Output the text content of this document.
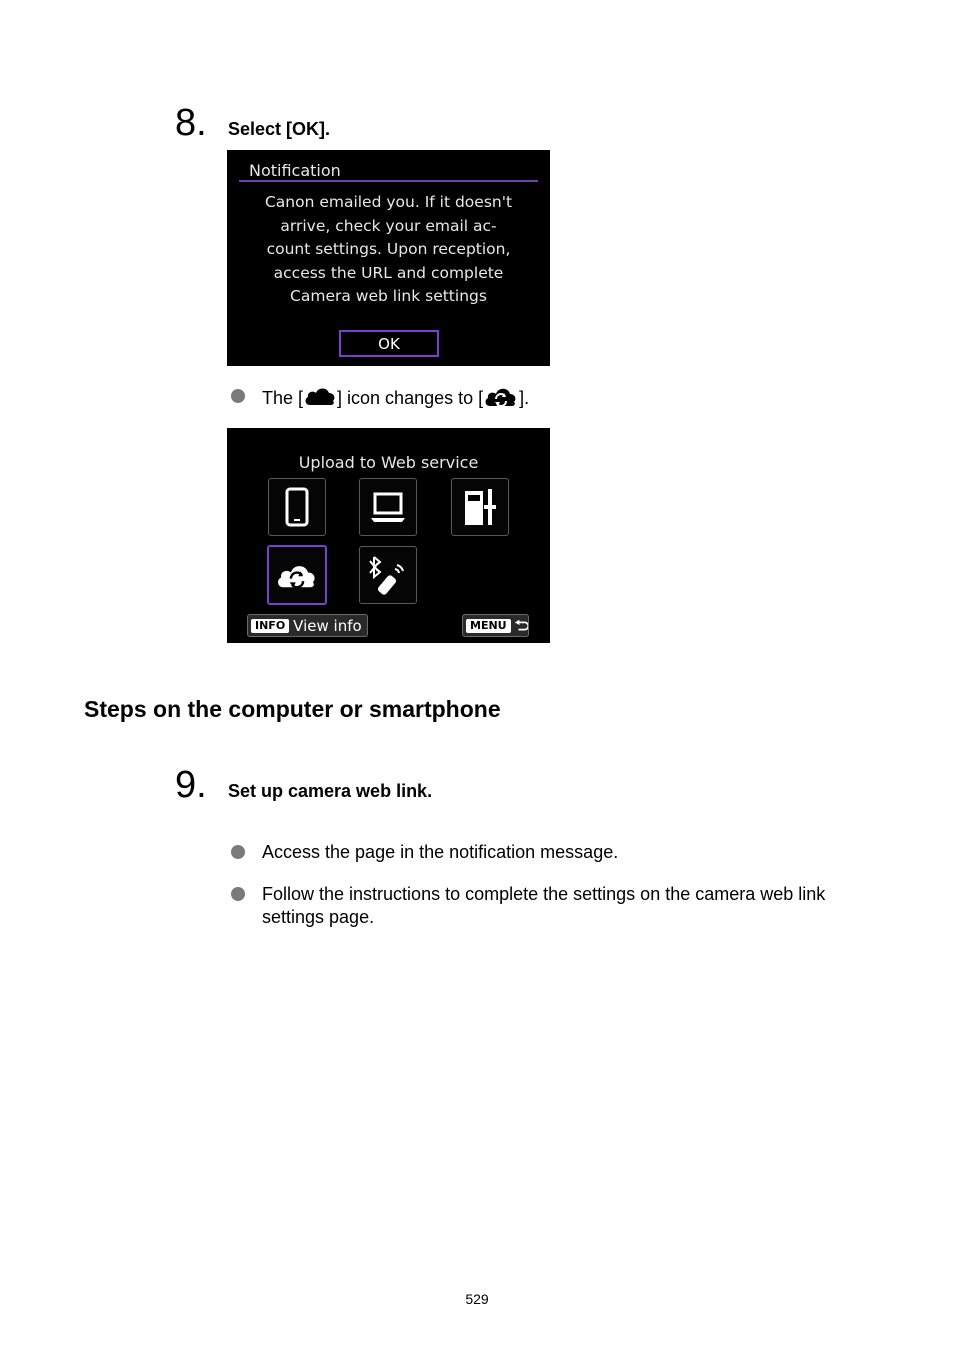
8. Select [OK].
Notification
Canon emailed you. If it doesn't
arrive, check your email ac-
count settings. Upon reception,
access the URL and complete
Camera web link settings
OK
The [ ] icon changes to [ ].
Upload to Web service
INFO View info	MENU
Steps on the computer or smartphone
9. Set up camera web link.
Access the page in the notification message.
Follow the instructions to complete the settings on the camera web link settings page.
529
